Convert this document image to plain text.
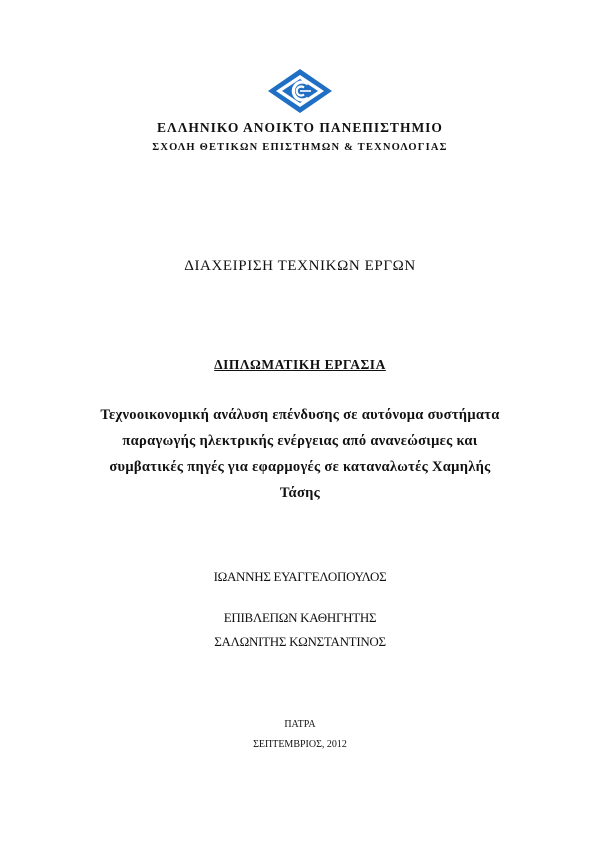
ΕΛΛΗΝΙΚΟ ΑΝΟΙΚΤΟ ΠΑΝΕΠΙΣΤΗΜΙΟ
ΣΧΟΛΗ ΘΕΤΙΚΩΝ ΕΠΙΣΤΗΜΩΝ & ΤΕΧΝΟΛΟΓΙΑΣ
ΔΙΑΧΕΙΡΙΣΗ ΤΕΧΝΙΚΩΝ ΕΡΓΩΝ
ΔΙΠΛΩΜΑΤΙΚΗ ΕΡΓΑΣΙΑ
Τεχνοοικονομική ανάλυση επένδυσης σε αυτόνομα συστήματα
παραγωγής ηλεκτρικής ενέργειας από ανανεώσιμες και
συμβατικές πηγές για εφαρμογές σε καταναλωτές Χαμηλής
Τάσης
ΙΩΑΝΝΗΣ ΕΥΑΓΓΕΛΟΠΟΥΛΟΣ
ΕΠΙΒΛΕΠΩΝ ΚΑΘΗΓΗΤΗΣ
ΣΑΛΩΝΙΤΗΣ ΚΩΝΣΤΑΝΤΙΝΟΣ
ΠΑΤΡΑ
ΣΕΠΤΕΜΒΡΙΟΣ, 2012
